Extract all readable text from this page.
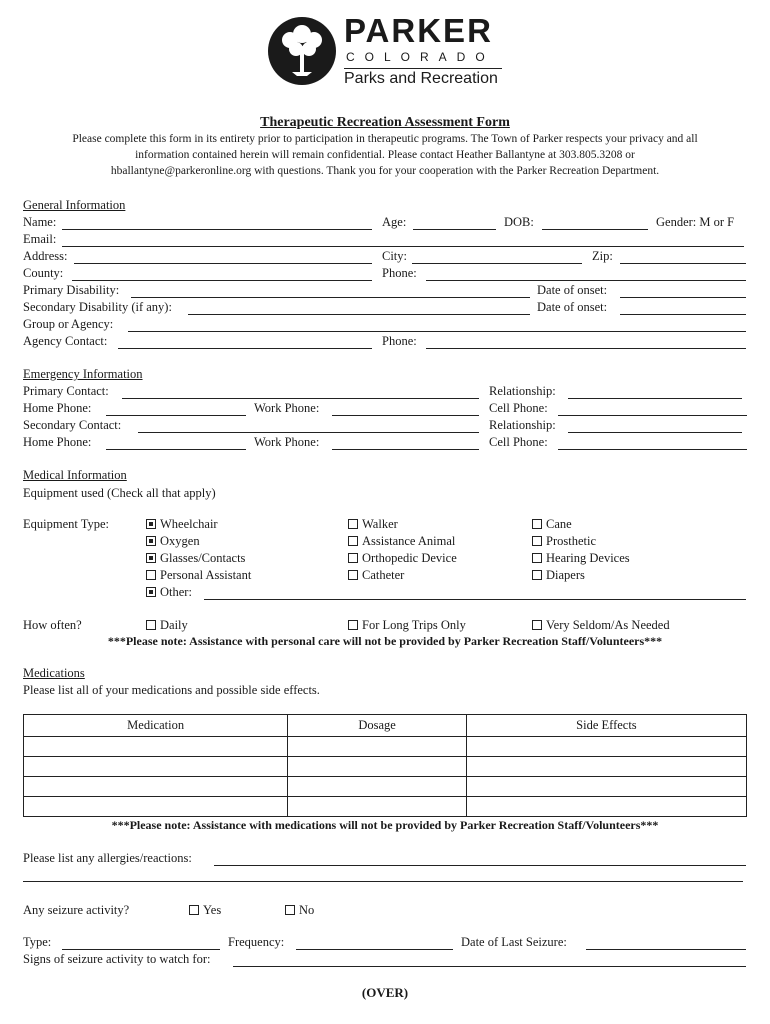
PARKER
COLORADO
Parks and Recreation
Therapeutic Recreation Assessment Form
Please complete this form in its entirety prior to participation in therapeutic programs. The Town of Parker respects your privacy and all
information contained herein will remain confidential. Please contact Heather Ballantyne at 303.805.3208 or
hballantyne@parkeronline.org with questions. Thank you for your cooperation with the Parker Recreation Department.
General Information
Name:	Age:	DOB:	Gender: M or F
Email:
Address:	City:	Zip:
County:	Phone:
Primary Disability:	Date of onset:
Secondary Disability (if any):	Date of onset:
Group or Agency:
Agency Contact:	Phone:
Emergency Information
Primary Contact:	Relationship:
Home Phone:	Work Phone:	Cell Phone:
Secondary Contact:	Relationship:
Home Phone:	Work Phone:	Cell Phone:
Medical Information
Equipment used (Check all that apply)
Equipment Type:	Wheelchair	Walker	Cane
Oxygen	Assistance Animal	Prosthetic
Glasses/Contacts	Orthopedic Device	Hearing Devices
Personal Assistant	Catheter	Diapers
Other:
How often?	Daily	For Long Trips Only	Very Seldom/As Needed
***Please note: Assistance with personal care will not be provided by Parker Recreation Staff/Volunteers***
Medications
Please list all of your medications and possible side effects.
Medication	Dosage	Side Effects

***Please note: Assistance with medications will not be provided by Parker Recreation Staff/Volunteers***
Please list any allergies/reactions:
Any seizure activity?	Yes	No
Type:	Frequency:	Date of Last Seizure:
Signs of seizure activity to watch for:
(OVER)
